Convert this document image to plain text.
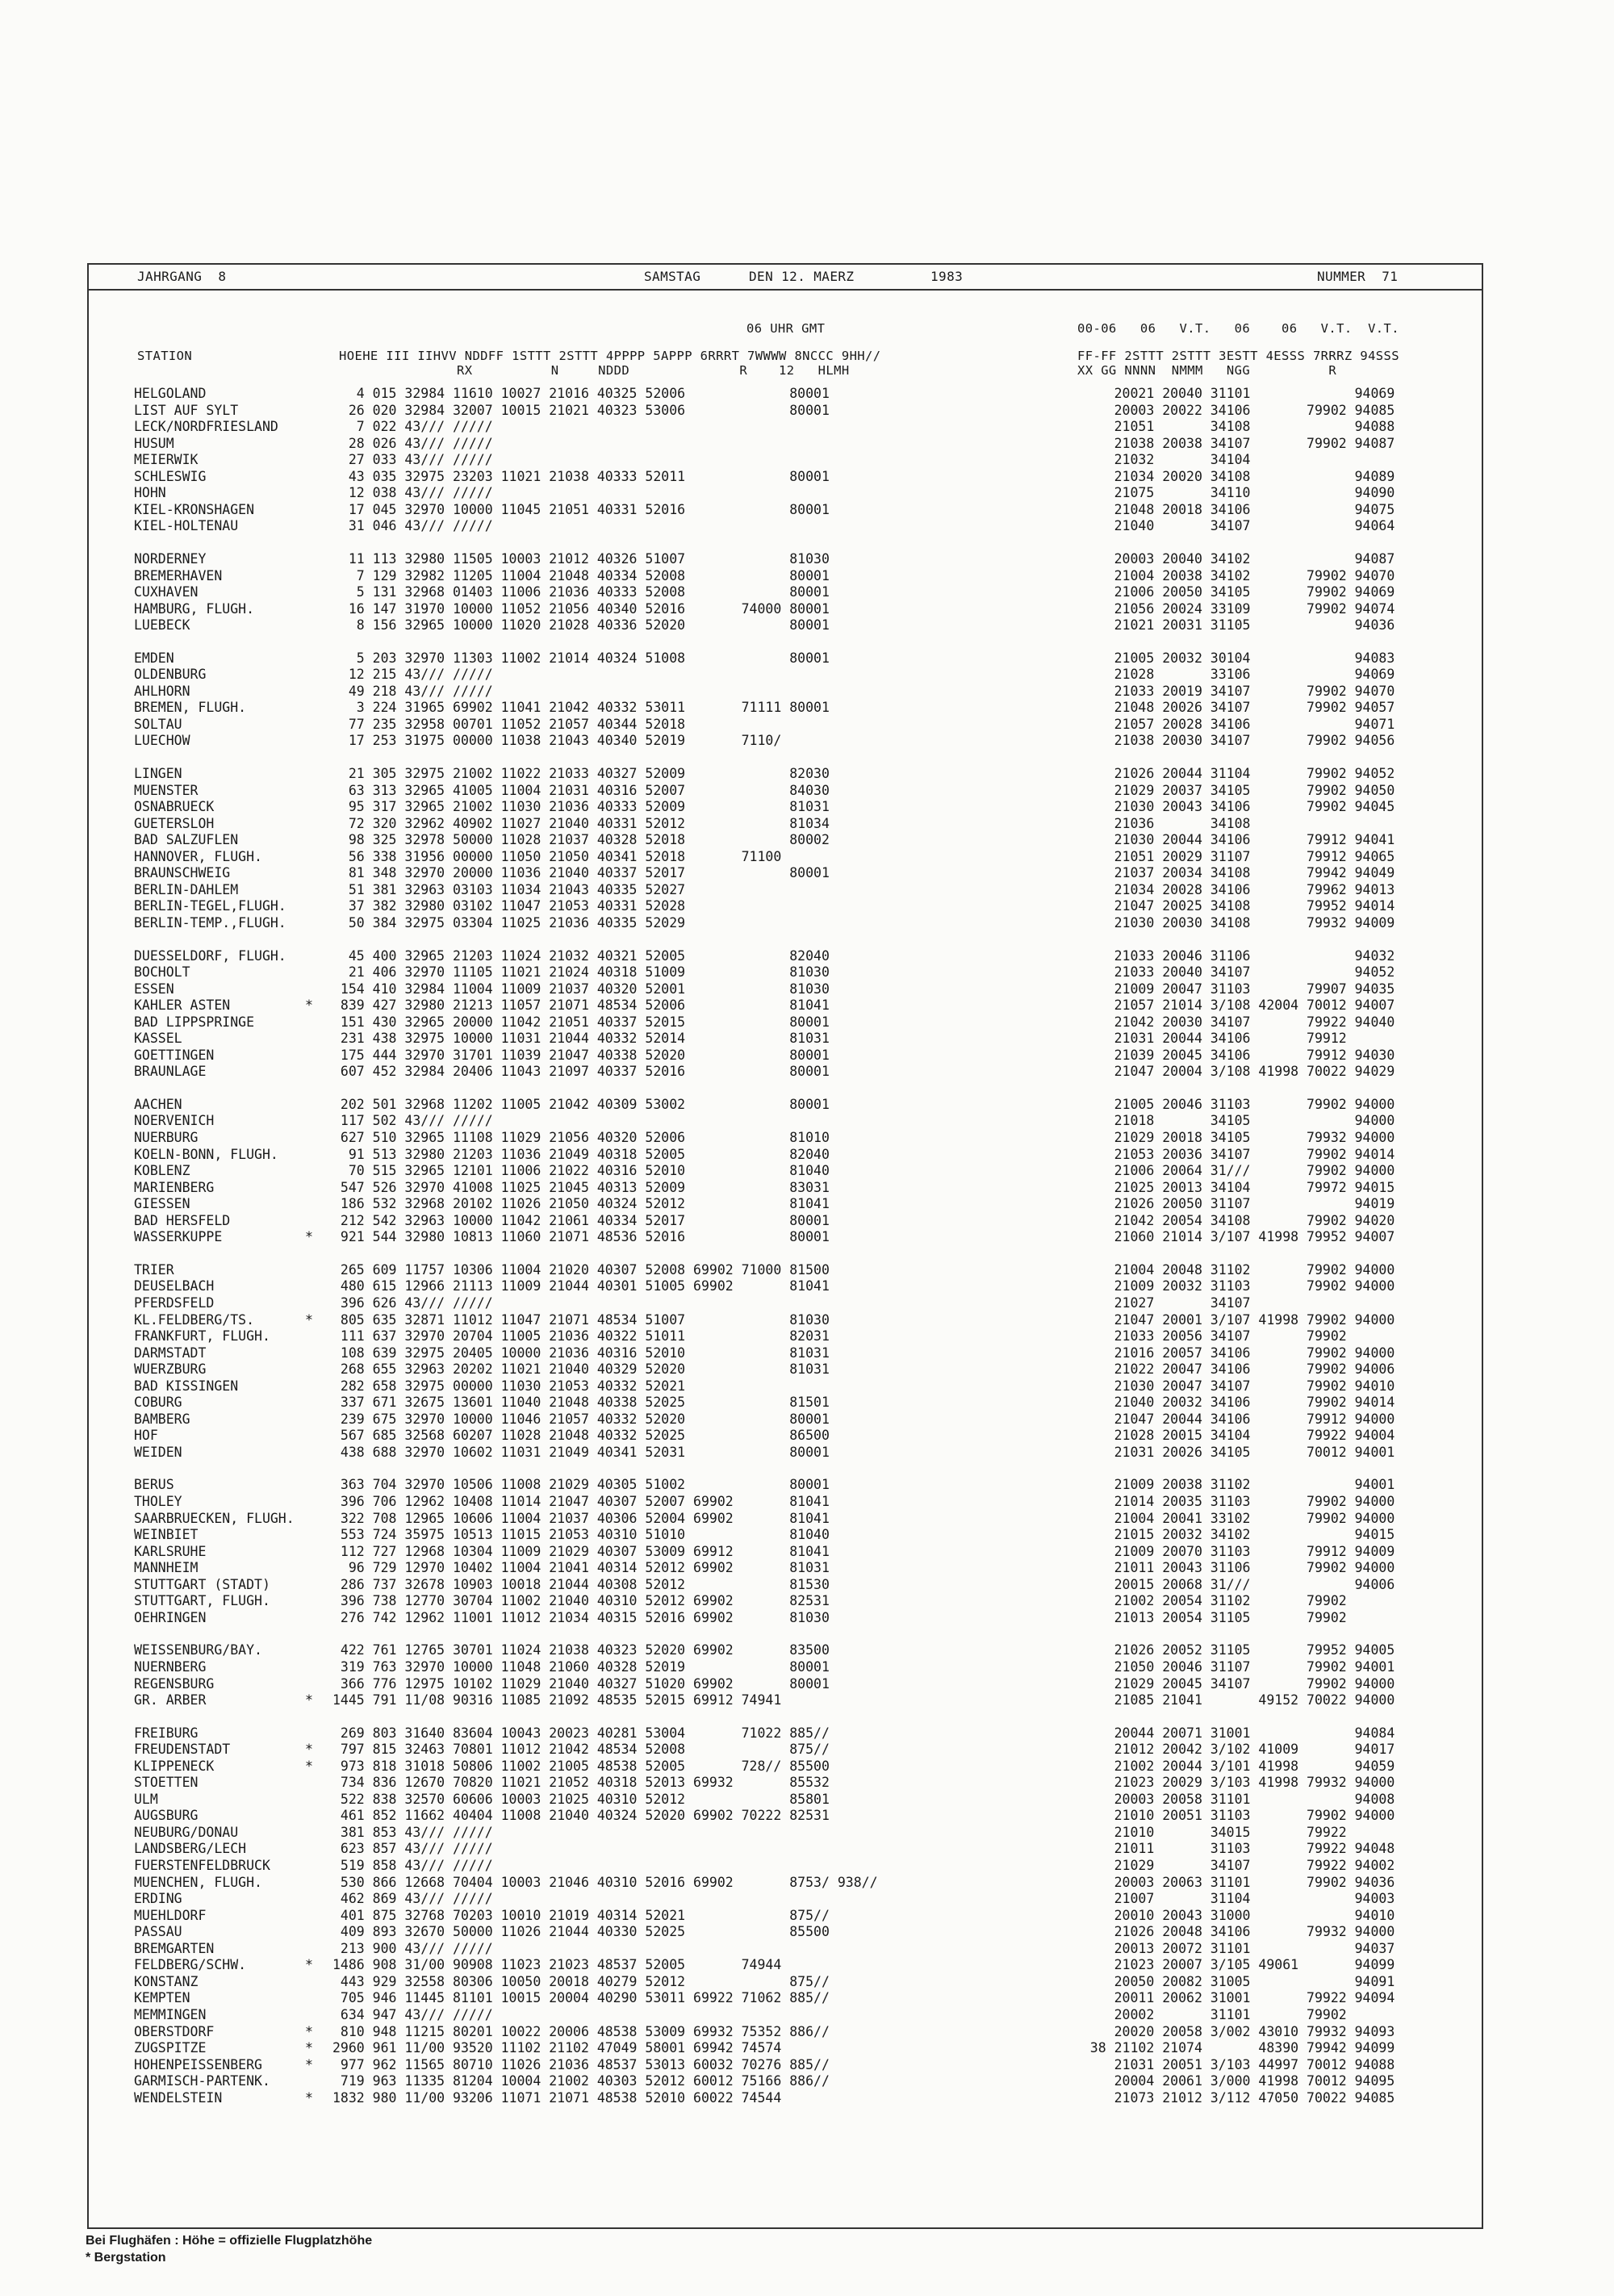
JAHRGANG  8	SAMSTAG	DEN 12. MAERZ	1983	NUMMER  71
06 UHR GMT	00-06   06   V.T.   06    06   V.T.  V.T.
STATION	HOEHE III IIHVV NDDFF 1STTT 2STTT 4PPPP 5APPP 6RRRT 7WWWW 8NCCC 9HH//
RX          N     NDDD              R    12   HLMH
FF-FF 2STTT 2STTT 3ESTT 4ESSS 7RRRZ 94SSS
XX GG NNNN  NMMM   NGG          R
HELGOLAND	4 015 32984 11610 10027 21016 40325 52006             80001	20021 20040 31101             94069
LIST AUF SYLT	26 020 32984 32007 10015 21021 40323 53006             80001	20003 20022 34106       79902 94085
LECK/NORDFRIESLAND	7 022 43/// /////	21051       34108             94088
HUSUM	28 026 43/// /////	21038 20038 34107       79902 94087
MEIERWIK	27 033 43/// /////	21032       34104
SCHLESWIG	43 035 32975 23203 11021 21038 40333 52011             80001	21034 20020 34108             94089
HOHN	12 038 43/// /////	21075       34110             94090
KIEL-KRONSHAGEN	17 045 32970 10000 11045 21051 40331 52016             80001	21048 20018 34106             94075
KIEL-HOLTENAU	31 046 43/// /////	21040       34107             94064
NORDERNEY	11 113 32980 11505 10003 21012 40326 51007             81030	20003 20040 34102             94087
BREMERHAVEN	7 129 32982 11205 11004 21048 40334 52008             80001	21004 20038 34102       79902 94070
CUXHAVEN	5 131 32968 01403 11006 21036 40333 52008             80001	21006 20050 34105       79902 94069
HAMBURG, FLUGH.	16 147 31970 10000 11052 21056 40340 52016       74000 80001	21056 20024 33109       79902 94074
LUEBECK	8 156 32965 10000 11020 21028 40336 52020             80001	21021 20031 31105             94036
EMDEN	5 203 32970 11303 11002 21014 40324 51008             80001	21005 20032 30104             94083
OLDENBURG	12 215 43/// /////	21028       33106             94069
AHLHORN	49 218 43/// /////	21033 20019 34107       79902 94070
BREMEN, FLUGH.	3 224 31965 69902 11041 21042 40332 53011       71111 80001	21048 20026 34107       79902 94057
SOLTAU	77 235 32958 00701 11052 21057 40344 52018	21057 20028 34106             94071
LUECHOW	17 253 31975 00000 11038 21043 40340 52019       7110/	21038 20030 34107       79902 94056
LINGEN	21 305 32975 21002 11022 21033 40327 52009             82030	21026 20044 31104       79902 94052
MUENSTER	63 313 32965 41005 11004 21031 40316 52007             84030	21029 20037 34105       79902 94050
OSNABRUECK	95 317 32965 21002 11030 21036 40333 52009             81031	21030 20043 34106       79902 94045
GUETERSLOH	72 320 32962 40902 11027 21040 40331 52012             81034	21036       34108
BAD SALZUFLEN	98 325 32978 50000 11028 21037 40328 52018             80002	21030 20044 34106       79912 94041
HANNOVER, FLUGH.	56 338 31956 00000 11050 21050 40341 52018       71100	21051 20029 31107       79912 94065
BRAUNSCHWEIG	81 348 32970 20000 11036 21040 40337 52017             80001	21037 20034 34108       79942 94049
BERLIN-DAHLEM	51 381 32963 03103 11034 21043 40335 52027	21034 20028 34106       79962 94013
BERLIN-TEGEL,FLUGH.	37 382 32980 03102 11047 21053 40331 52028	21047 20025 34108       79952 94014
BERLIN-TEMP.,FLUGH.	50 384 32975 03304 11025 21036 40335 52029	21030 20030 34108       79932 94009
DUESSELDORF, FLUGH.	45 400 32965 21203 11024 21032 40321 52005             82040	21033 20046 31106             94032
BOCHOLT	21 406 32970 11105 11021 21024 40318 51009             81030	21033 20040 34107             94052
ESSEN	154 410 32984 11004 11009 21037 40320 52001             81030	21009 20047 31103       79907 94035
KAHLER ASTEN	* 839 427 32980 21213 11057 21071 48534 52006             81041	21057 21014 3/108 42004 70012 94007
BAD LIPPSPRINGE	151 430 32965 20000 11042 21051 40337 52015             80001	21042 20030 34107       79922 94040
KASSEL	231 438 32975 10000 11031 21044 40332 52014             81031	21031 20044 34106       79912
GOETTINGEN	175 444 32970 31701 11039 21047 40338 52020             80001	21039 20045 34106       79912 94030
BRAUNLAGE	607 452 32984 20406 11043 21097 40337 52016             80001	21047 20004 3/108 41998 70022 94029
AACHEN	202 501 32968 11202 11005 21042 40309 53002             80001	21005 20046 31103       79902 94000
NOERVENICH	117 502 43/// /////	21018       34105             94000
NUERBURG	627 510 32965 11108 11029 21056 40320 52006             81010	21029 20018 34105       79932 94000
KOELN-BONN, FLUGH.	91 513 32980 21203 11036 21049 40318 52005             82040	21053 20036 34107       79902 94014
KOBLENZ	70 515 32965 12101 11006 21022 40316 52010             81040	21006 20064 31///       79902 94000
MARIENBERG	547 526 32970 41008 11025 21045 40313 52009             83031	21025 20013 34104       79972 94015
GIESSEN	186 532 32968 20102 11026 21050 40324 52012             81041	21026 20050 31107             94019
BAD HERSFELD	212 542 32963 10000 11042 21061 40334 52017             80001	21042 20054 34108       79902 94020
WASSERKUPPE	* 921 544 32980 10813 11060 21071 48536 52016             80001	21060 21014 3/107 41998 79952 94007
TRIER	265 609 11757 10306 11004 21020 40307 52008 69902 71000 81500	21004 20048 31102       79902 94000
DEUSELBACH	480 615 12966 21113 11009 21044 40301 51005 69902       81041	21009 20032 31103       79902 94000
PFERDSFELD	396 626 43/// /////	21027       34107
KL.FELDBERG/TS.	* 805 635 32871 11012 11047 21071 48534 51007             81030	21047 20001 3/107 41998 79902 94000
FRANKFURT, FLUGH.	111 637 32970 20704 11005 21036 40322 51011             82031	21033 20056 34107       79902
DARMSTADT	108 639 32975 20405 10000 21036 40316 52010             81031	21016 20057 34106       79902 94000
WUERZBURG	268 655 32963 20202 11021 21040 40329 52020             81031	21022 20047 34106       79902 94006
BAD KISSINGEN	282 658 32975 00000 11030 21053 40332 52021	21030 20047 34107       79902 94010
COBURG	337 671 32675 13601 11040 21048 40338 52025             81501	21040 20032 34106       79902 94014
BAMBERG	239 675 32970 10000 11046 21057 40332 52020             80001	21047 20044 34106       79912 94000
HOF	567 685 32568 60207 11028 21048 40332 52025             86500	21028 20015 34104       79922 94004
WEIDEN	438 688 32970 10602 11031 21049 40341 52031             80001	21031 20026 34105       70012 94001
BERUS	363 704 32970 10506 11008 21029 40305 51002             80001	21009 20038 31102             94001
THOLEY	396 706 12962 10408 11014 21047 40307 52007 69902       81041	21014 20035 31103       79902 94000
SAARBRUECKEN, FLUGH.	322 708 12965 10606 11004 21037 40306 52004 69902       81041	21004 20041 33102       79902 94000
WEINBIET	553 724 35975 10513 11015 21053 40310 51010             81040	21015 20032 34102             94015
KARLSRUHE	112 727 12968 10304 11009 21029 40307 53009 69912       81041	21009 20070 31103       79912 94009
MANNHEIM	96 729 12970 10402 11004 21041 40314 52012 69902       81031	21011 20043 31106       79902 94000
STUTTGART (STADT)	286 737 32678 10903 10018 21044 40308 52012             81530	20015 20068 31///             94006
STUTTGART, FLUGH.	396 738 12770 30704 11002 21040 40310 52012 69902       82531	21002 20054 31102       79902
OEHRINGEN	276 742 12962 11001 11012 21034 40315 52016 69902       81030	21013 20054 31105       79902
WEISSENBURG/BAY.	422 761 12765 30701 11024 21038 40323 52020 69902       83500	21026 20052 31105       79952 94005
NUERNBERG	319 763 32970 10000 11048 21060 40328 52019             80001	21050 20046 31107       79902 94001
REGENSBURG	366 776 12975 10102 11029 21040 40327 51020 69902       80001	21029 20045 34107       79902 94000
GR. ARBER	* 1445 791 11/08 90316 11085 21092 48535 52015 69912 74941	21085 21041       49152 70022 94000
FREIBURG	269 803 31640 83604 10043 20023 40281 53004       71022 885//	20044 20071 31001             94084
FREUDENSTADT	* 797 815 32463 70801 11012 21042 48534 52008             875//	21012 20042 3/102 41009       94017
KLIPPENECK	* 973 818 31018 50806 11002 21005 48538 52005       728// 85500	21002 20044 3/101 41998       94059
STOETTEN	734 836 12670 70820 11021 21052 40318 52013 69932       85532	21023 20029 3/103 41998 79932 94000
ULM	522 838 32570 60606 10003 21025 40310 52012             85801	20003 20058 31101             94008
AUGSBURG	461 852 11662 40404 11008 21040 40324 52020 69902 70222 82531	21010 20051 31103       79902 94000
NEUBURG/DONAU	381 853 43/// /////	21010       34015       79922
LANDSBERG/LECH	623 857 43/// /////	21011       31103       79922 94048
FUERSTENFELDBRUCK	519 858 43/// /////	21029       34107       79922 94002
MUENCHEN, FLUGH.	530 866 12668 70404 10003 21046 40310 52016 69902       8753/ 938//	20003 20063 31101       79902 94036
ERDING	462 869 43/// /////	21007       31104             94003
MUEHLDORF	401 875 32768 70203 10010 21019 40314 52021             875//	20010 20043 31000             94010
PASSAU	409 893 32670 50000 11026 21044 40330 52025             85500	21026 20048 34106       79932 94000
BREMGARTEN	213 900 43/// /////	20013 20072 31101             94037
FELDBERG/SCHW.	* 1486 908 31/00 90908 11023 21023 48537 52005       74944	21023 20007 3/105 49061       94099
KONSTANZ	443 929 32558 80306 10050 20018 40279 52012             875//	20050 20082 31005             94091
KEMPTEN	705 946 11445 81101 10015 20004 40290 53011 69922 71062 885//	20011 20062 31001       79922 94094
MEMMINGEN	634 947 43/// /////	20002       31101       79902
OBERSTDORF	* 810 948 11215 80201 10022 20006 48538 53009 69932 75352 886//	20020 20058 3/002 43010 79932 94093
ZUGSPITZE	* 2960 961 11/00 93520 11102 21102 47049 58001 69942 74574	38 21102 21074       48390 79942 94099
HOHENPEISSENBERG	* 977 962 11565 80710 11026 21036 48537 53013 60032 70276 885//	21031 20051 3/103 44997 70012 94088
GARMISCH-PARTENK.	719 963 11335 81204 10004 21002 40303 52012 60012 75166 886//	20004 20061 3/000 41998 70012 94095
WENDELSTEIN	* 1832 980 11/00 93206 11071 21071 48538 52010 60022 74544	21073 21012 3/112 47050 70022 94085
Bei Flughäfen : Höhe = offizielle Flugplatzhöhe
* Bergstation
